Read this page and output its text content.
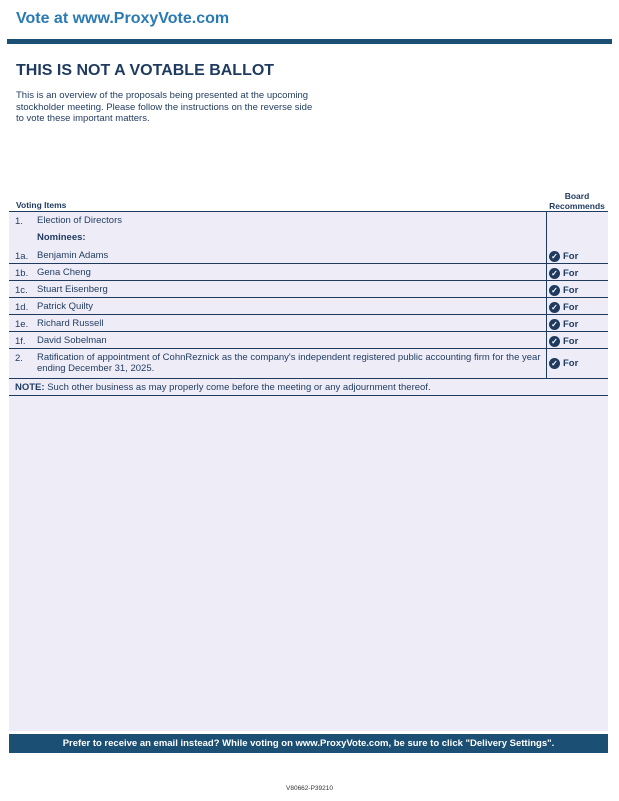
Vote at www.ProxyVote.com
THIS IS NOT A VOTABLE BALLOT
This is an overview of the proposals being presented at the upcoming stockholder meeting. Please follow the instructions on the reverse side to vote these important matters.
Voting Items
Board
Recommends
1. Election of Directors
Nominees:
1a. Benjamin Adams	✓ For
1b. Gena Cheng	✓ For
1c. Stuart Eisenberg	✓ For
1d. Patrick Quilty	✓ For
1e. Richard Russell	✓ For
1f. David Sobelman	✓ For
2. Ratification of appointment of CohnReznick as the company's independent registered public accounting firm for the year ending December 31, 2025.	✓ For
NOTE: Such other business as may properly come before the meeting or any adjournment thereof.
Prefer to receive an email instead? While voting on www.ProxyVote.com, be sure to click "Delivery Settings".
V80662-P39210
